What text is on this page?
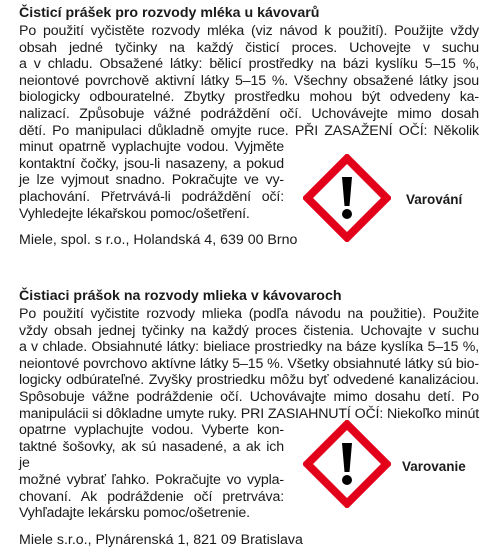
Čisticí prášek pro rozvody mléka u kávovarů
Po použití vyčistěte rozvody mléka (viz návod k použití). Použijte vždy
obsah jedné tyčinky na každý čisticí proces. Uchovejte v suchu
a v chladu. Obsažené látky: bělicí prostředky na bázi kyslíku 5–15 %,
neiontové povrchově aktivní látky 5–15 %. Všechny obsažené látky jsou
biologicky odbouratelné. Zbytky prostředku mohou být odvedeny ka-
nalizací. Způsobuje vážné podráždění očí. Uchovávejte mimo dosah
dětí. Po manipulaci důkladně omyjte ruce. PŘI ZASAŽENÍ OČÍ: Několik
minut opatrně vyplachujte vodou. Vyjměte
kontaktní čočky, jsou-li nasazeny, a pokud
je lze vyjmout snadno. Pokračujte ve vy-
plachování. Přetrvává-li podráždění očí:
Vyhledejte lékařskou pomoc/ošetření.
Miele, spol. s r.o., Holandská 4, 639 00 Brno
Varování
Čistiaci prášok na rozvody mlieka v kávovaroch
Po použití vyčistite rozvody mlieka (podľa návodu na použitie). Použite
vždy obsah jednej tyčinky na každý proces čistenia. Uchovajte v suchu
a v chlade. Obsiahnuté látky: bieliace prostriedky na báze kyslíka 5–15 %,
neiontové povrchovo aktívne látky 5–15 %. Všetky obsiahnuté látky sú bio-
logicky odbúrateľné. Zvyšky prostriedku môžu byť odvedené kanalizáciou.
Spôsobuje vážne podráždenie očí. Uchovávajte mimo dosahu detí. Po
manipulácii si dôkladne umyte ruky. PRI ZASIAHNUTÍ OČÍ: Niekoľko minút
opatrne vyplachujte vodou. Vyberte kon-
taktné šošovky, ak sú nasadené, a ak ich je
možné vybrať ľahko. Pokračujte vo vypla-
chovaní. Ak podráždenie očí pretrváva:
Vyhľadajte lekársku pomoc/ošetrenie.
Miele s.r.o., Plynárenská 1, 821 09 Bratislava
Varovanie
